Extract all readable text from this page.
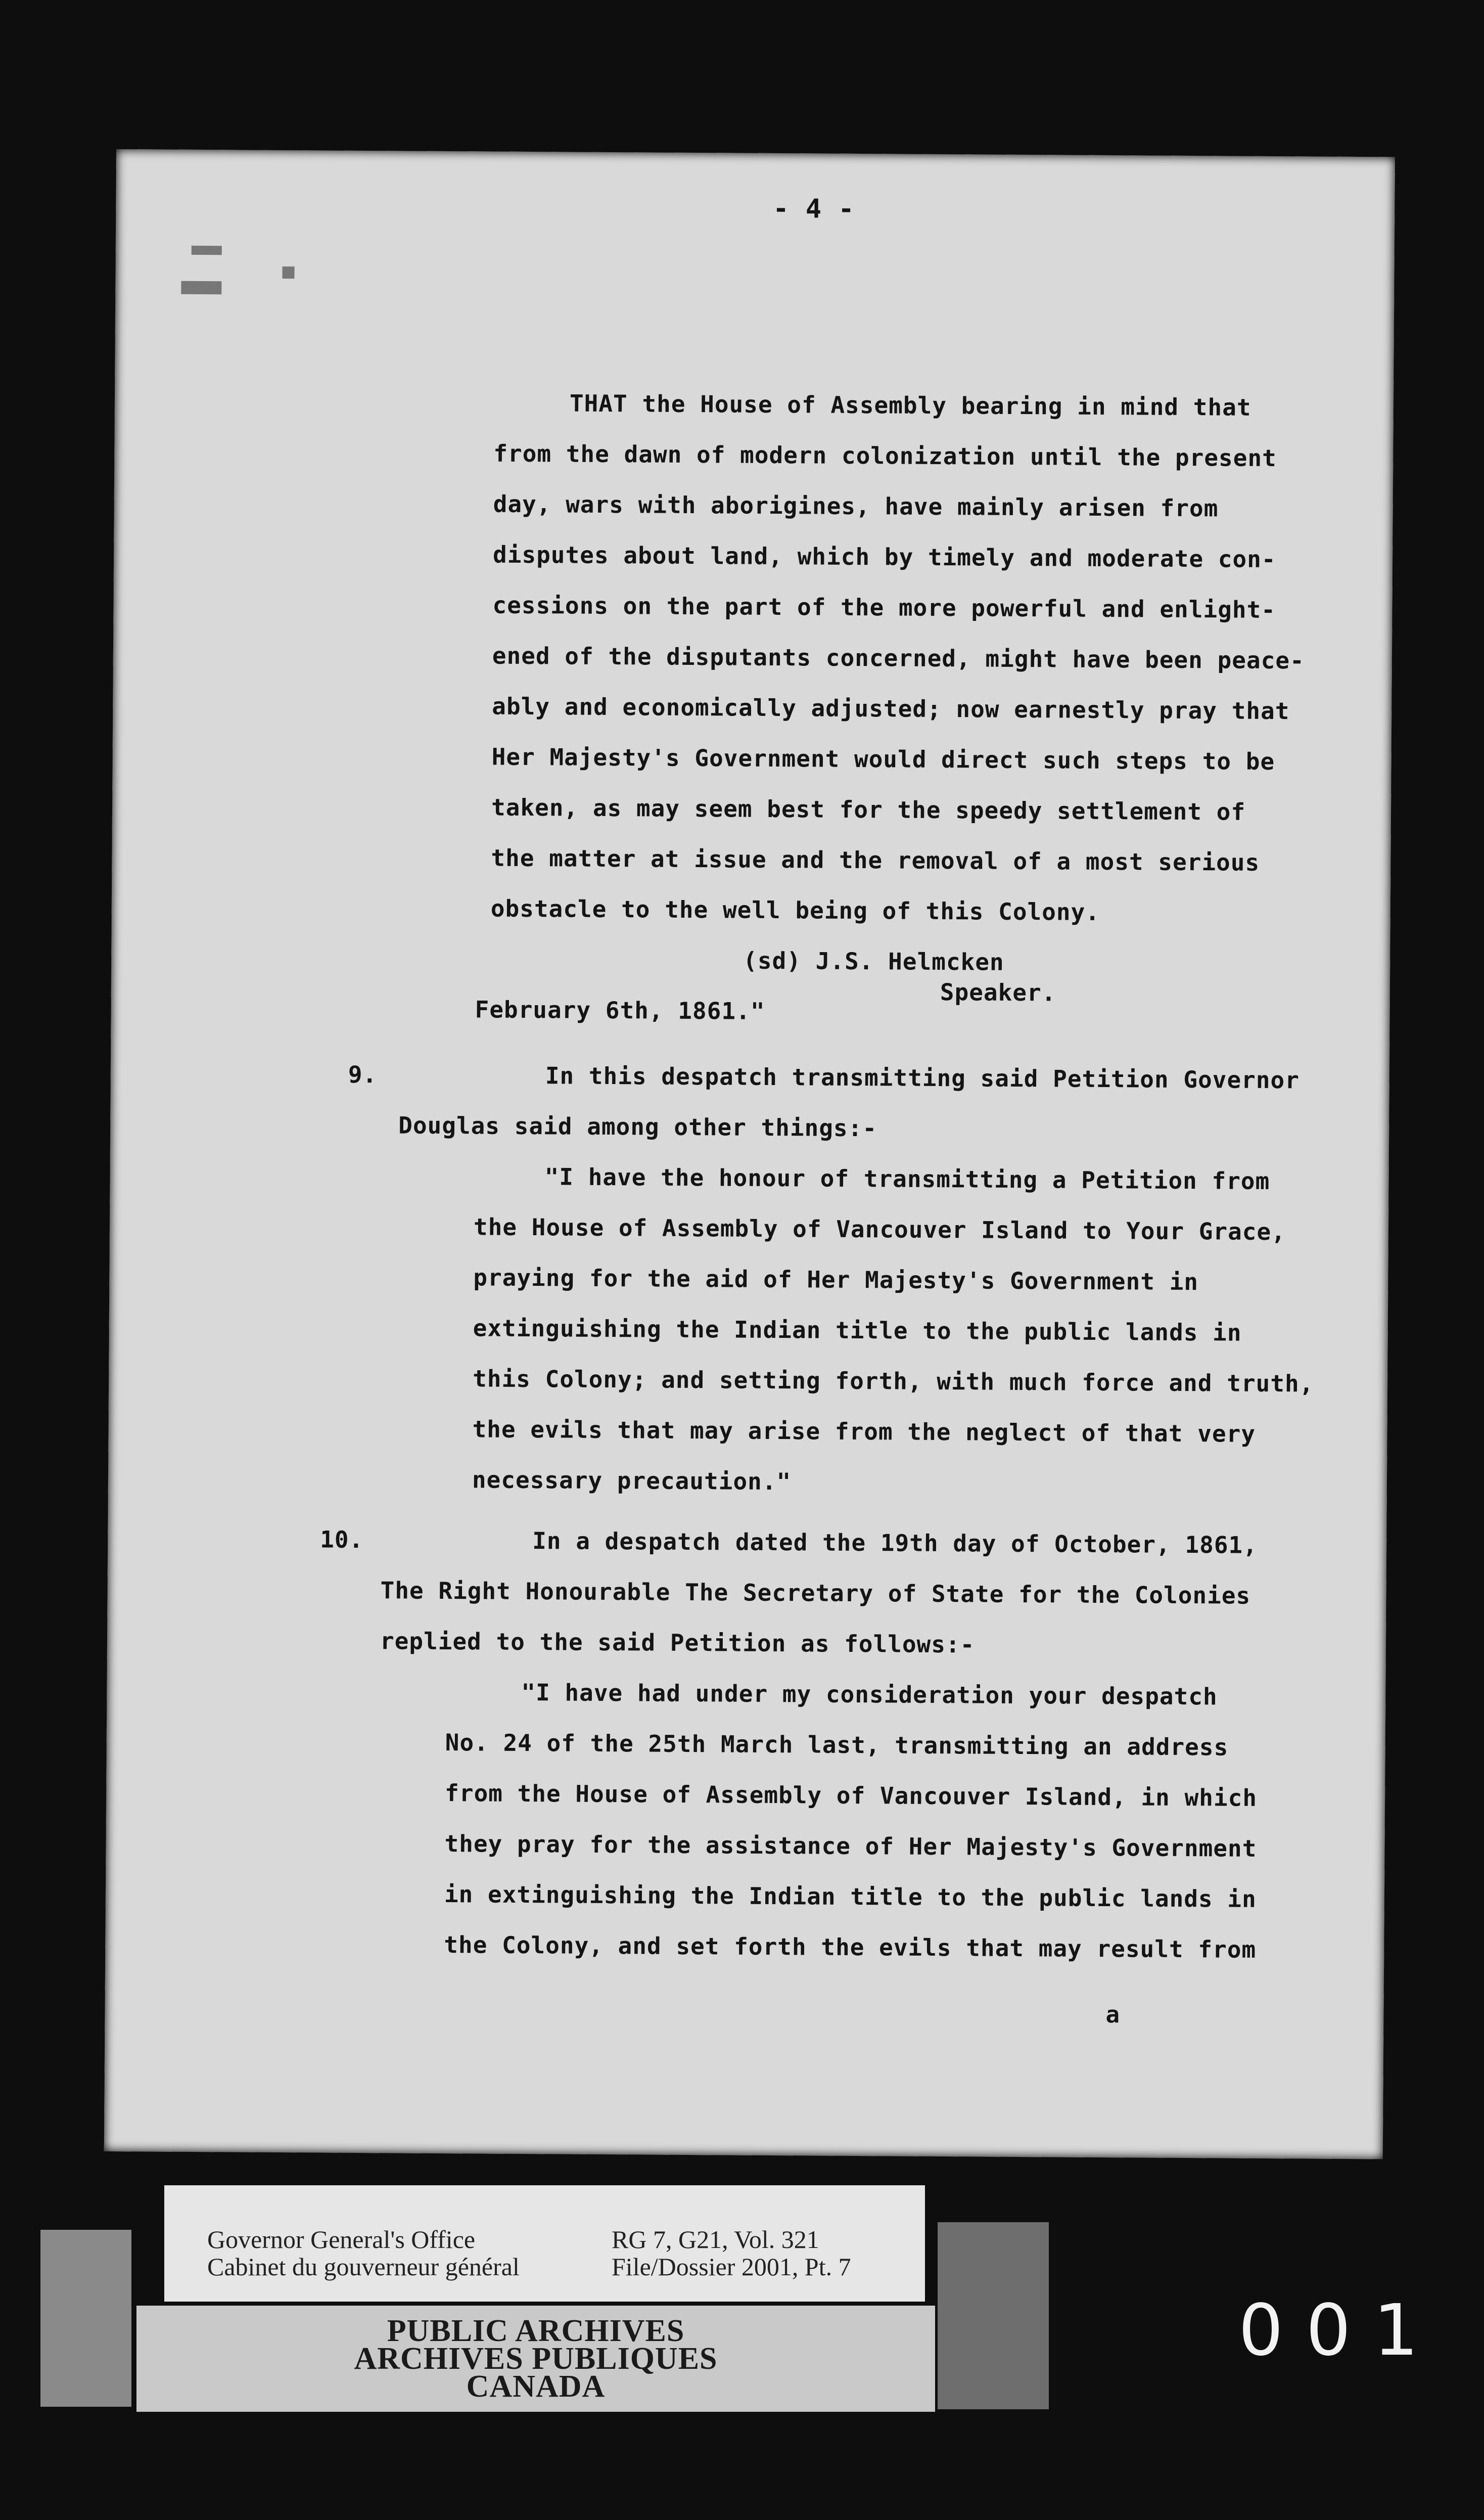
- 4 -
THAT the House of Assembly bearing in mind that
from the dawn of modern colonization until the present
day, wars with aborigines, have mainly arisen from
disputes about land, which by timely and moderate con-
cessions on the part of the more powerful and enlight-
ened of the disputants concerned, might have been peace-
ably and economically adjusted; now earnestly pray that
Her Majesty's Government would direct such steps to be
taken, as may seem best for the speedy settlement of
the matter at issue and the removal of a most serious
obstacle to the well being of this Colony.
(sd) J.S. Helmcken
Speaker.
February 6th, 1861."
9.	In this despatch transmitting said Petition Governor
Douglas said among other things:-
"I have the honour of transmitting a Petition from
the House of Assembly of Vancouver Island to Your Grace,
praying for the aid of Her Majesty's Government in
extinguishing the Indian title to the public lands in
this Colony; and setting forth, with much force and truth,
the evils that may arise from the neglect of that very
necessary precaution."
10.	In a despatch dated the 19th day of October, 1861,
The Right Honourable The Secretary of State for the Colonies
replied to the said Petition as follows:-
"I have had under my consideration your despatch
No. 24 of the 25th March last, transmitting an address
from the House of Assembly of Vancouver Island, in which
they pray for the assistance of Her Majesty's Government
in extinguishing the Indian title to the public lands in
the Colony, and set forth the evils that may result from
a
Governor General's Office
Cabinet du gouverneur général
RG 7, G21, Vol. 321
File/Dossier 2001, Pt. 7
PUBLIC ARCHIVES
ARCHIVES PUBLIQUES
CANADA
0 0 1
